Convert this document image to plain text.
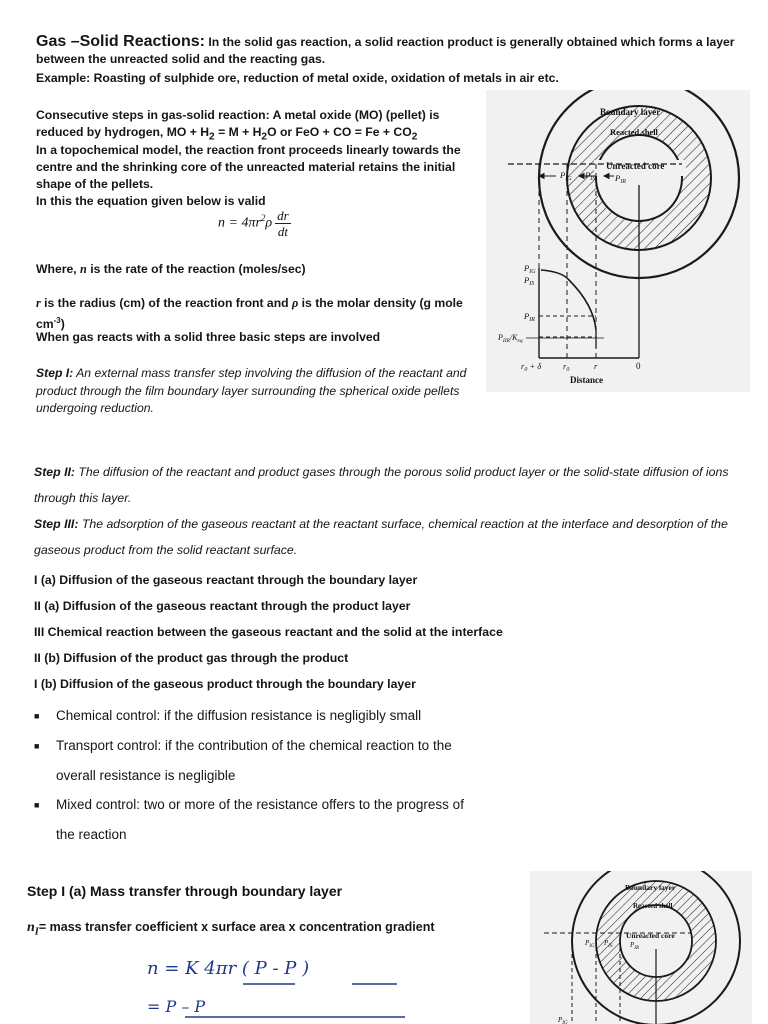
Gas –Solid Reactions: In the solid gas reaction, a solid reaction product is generally obtained which forms a layer between the unreacted solid and the reacting gas.
Example: Roasting of sulphide ore, reduction of metal oxide, oxidation of metals in air etc.
Consecutive steps in gas-solid reaction: A metal oxide (MO) (pellet) is reduced by hydrogen, MO + $H_2 = M + H_2O$ or FeO + CO = $Fe + CO_2$
In a topochemical model, the reaction front proceeds linearly towards the centre and the shrinking core of the unreacted material retains the initial shape of the pellets.
In this the equation given below is valid
$n = 4\pi r^2\rho \frac{dr}{dt}$
Where, n is the rate of the reaction (moles/sec)
r is the radius (cm) of the reaction front and ρ is the molar density (g mole $cm^{-3}$)
When gas reacts with a solid three basic steps are involved
Step I: An external mass transfer step involving the diffusion of the reactant and product through the film boundary layer surrounding the spherical oxide pellets undergoing reduction.
Step II: The diffusion of the reactant and product gases through the porous solid product layer or the solid-state diffusion of ions through this layer.
Step III: The adsorption of the gaseous reactant at the reactant surface, chemical reaction at the interface and desorption of the gaseous product from the solid reactant surface.
I (a) Diffusion of the gaseous reactant through the boundary layer
II (a) Diffusion of the gaseous reactant through the product layer
III Chemical reaction between the gaseous reactant and the solid at the interface
II (b) Diffusion of the product gas through the product
I (b) Diffusion of the gaseous product through the boundary layer
■ Chemical control: if the diffusion resistance is negligibly small
■ Transport control: if the contribution of the chemical reaction to the
overall resistance is negligible
■ Mixed control: two or more of the resistance offers to the progress of
the reaction
Step I (a) Mass transfer through boundary layer
$n_I=$ mass transfer coefficient x surface area x concentration gradient
n = K 4πr ( P - P )
= P – P
Boundary layer
Reacted shell
Unreacted core
$P_{IG}$ $P_{IS}$ $P_{IR}$
$P_{IG}$
$P_{IS}$
$P_{IR}$
$P_{IIR}/K_{eq}$
$r_0 + \delta$	$r_0$	r	0
Distance
Boundary layer
Reacted shell
Unreacted core
$P_{IG}$ $P_{IS}$	$P_{IR}$
$P_{IG}$
